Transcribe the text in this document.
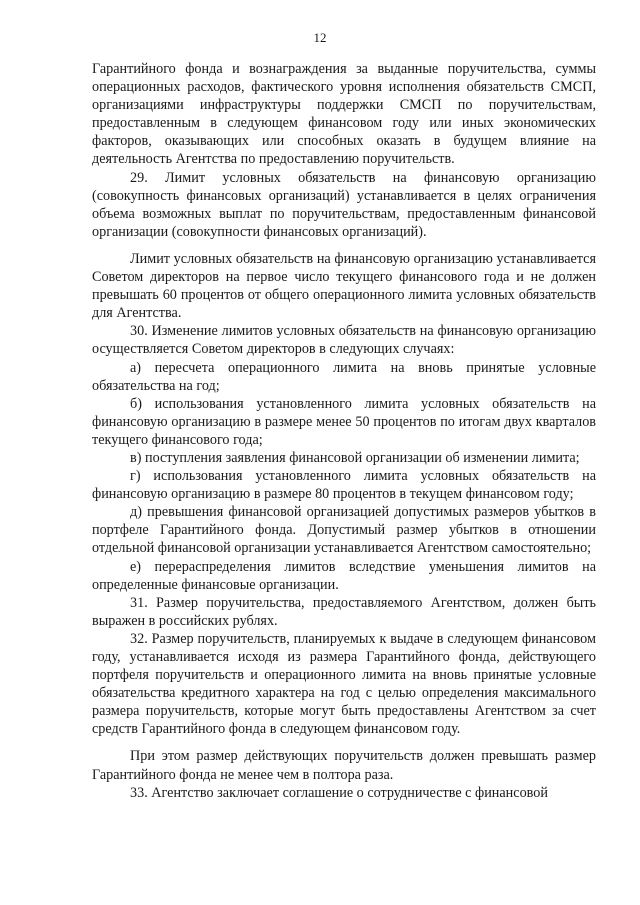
12

Гарантийного фонда и вознаграждения за выданные поручительства, суммы операционных расходов, фактического уровня исполнения обязательств СМСП, организациями инфраструктуры поддержки СМСП по поручительствам, предоставленным в следующем финансовом году или иных экономических факторов, оказывающих или способных оказать в будущем влияние на деятельность Агентства по предоставлению поручительств.

29. Лимит условных обязательств на финансовую организацию (совокупность финансовых организаций) устанавливается в целях ограничения объема возможных выплат по поручительствам, предоставленным финансовой организации (совокупности финансовых организаций).

Лимит условных обязательств на финансовую организацию устанавливается Советом директоров на первое число текущего финансового года и не должен превышать 60 процентов от общего операционного лимита условных обязательств для Агентства.

30. Изменение лимитов условных обязательств на финансовую организацию осуществляется Советом директоров в следующих случаях:

а) пересчета операционного лимита на вновь принятые условные обязательства на год;

б) использования установленного лимита условных обязательств на финансовую организацию в размере менее 50 процентов по итогам двух кварталов текущего финансового года;

в) поступления заявления финансовой организации об изменении лимита;

г) использования установленного лимита условных обязательств на финансовую организацию в размере 80 процентов в текущем финансовом году;

д) превышения финансовой организацией допустимых размеров убытков в портфеле Гарантийного фонда. Допустимый размер убытков в отношении отдельной финансовой организации устанавливается Агентством самостоятельно;

е) перераспределения лимитов вследствие уменьшения лимитов на определенные финансовые организации.

31. Размер поручительства, предоставляемого Агентством, должен быть выражен в российских рублях.

32. Размер поручительств, планируемых к выдаче в следующем финансовом году, устанавливается исходя из размера Гарантийного фонда, действующего портфеля поручительств и операционного лимита на вновь принятые условные обязательства кредитного характера на год с целью определения максимального размера поручительств, которые могут быть предоставлены Агентством за счет средств Гарантийного фонда в следующем финансовом году.

При этом размер действующих поручительств должен превышать размер Гарантийного фонда не менее чем в полтора раза.

33. Агентство заключает соглашение о сотрудничестве с финансовой
